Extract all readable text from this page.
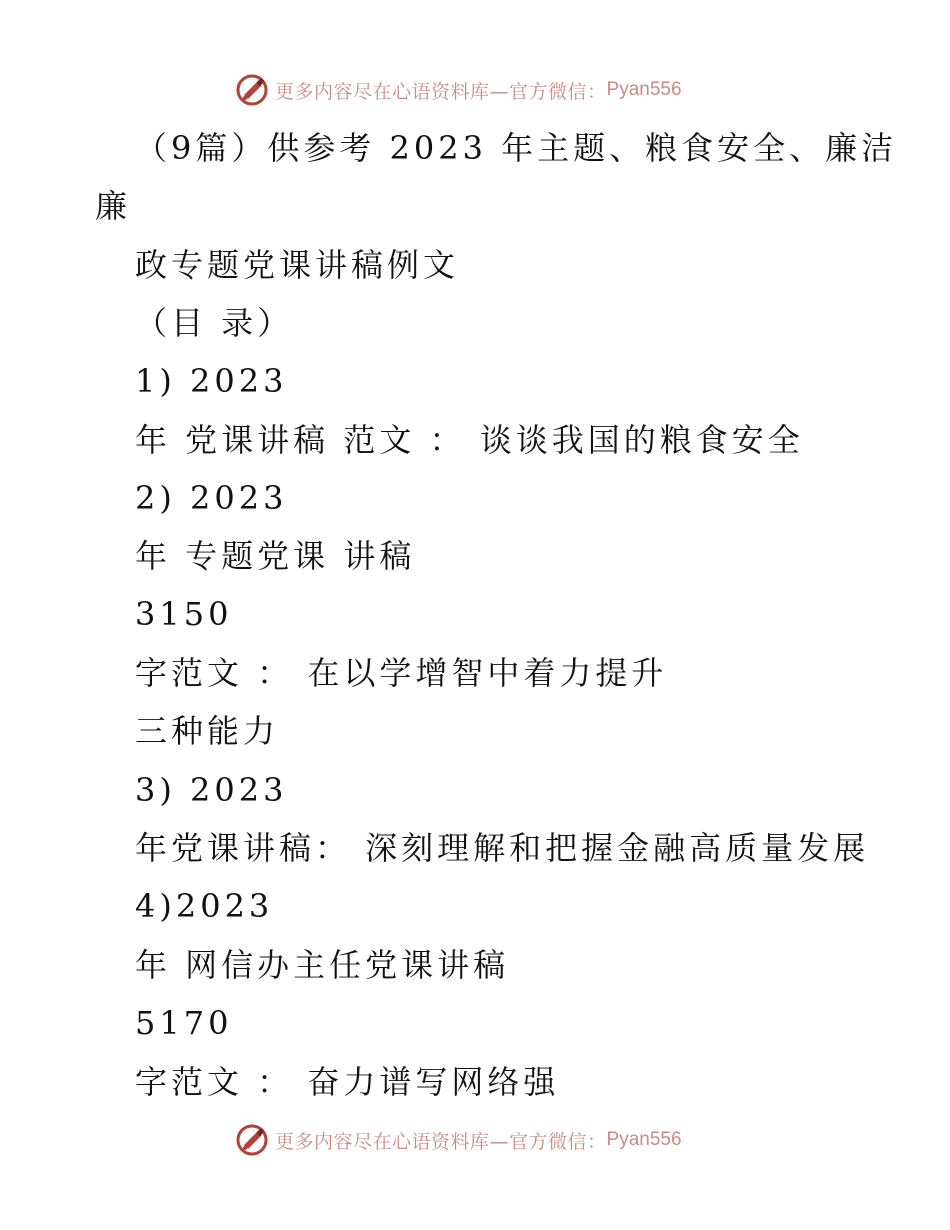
更多内容尽在心语资料库—官方微信： Pyan556
（9篇）供参考 2023 年主题、粮食安全、廉洁
廉
政专题党课讲稿例文
（目 录）
1) 2023
年 党课讲稿 范文 ： 谈谈我国的粮食安全
2) 2023
年 专题党课 讲稿
3150
字范文 ： 在以学增智中着力提升
三种能力
3) 2023
年党课讲稿： 深刻理解和把握金融高质量发展
4)2023
年 网信办主任党课讲稿
5170
字范文 ： 奋力谱写网络强
更多内容尽在心语资料库—官方微信： Pyan556
